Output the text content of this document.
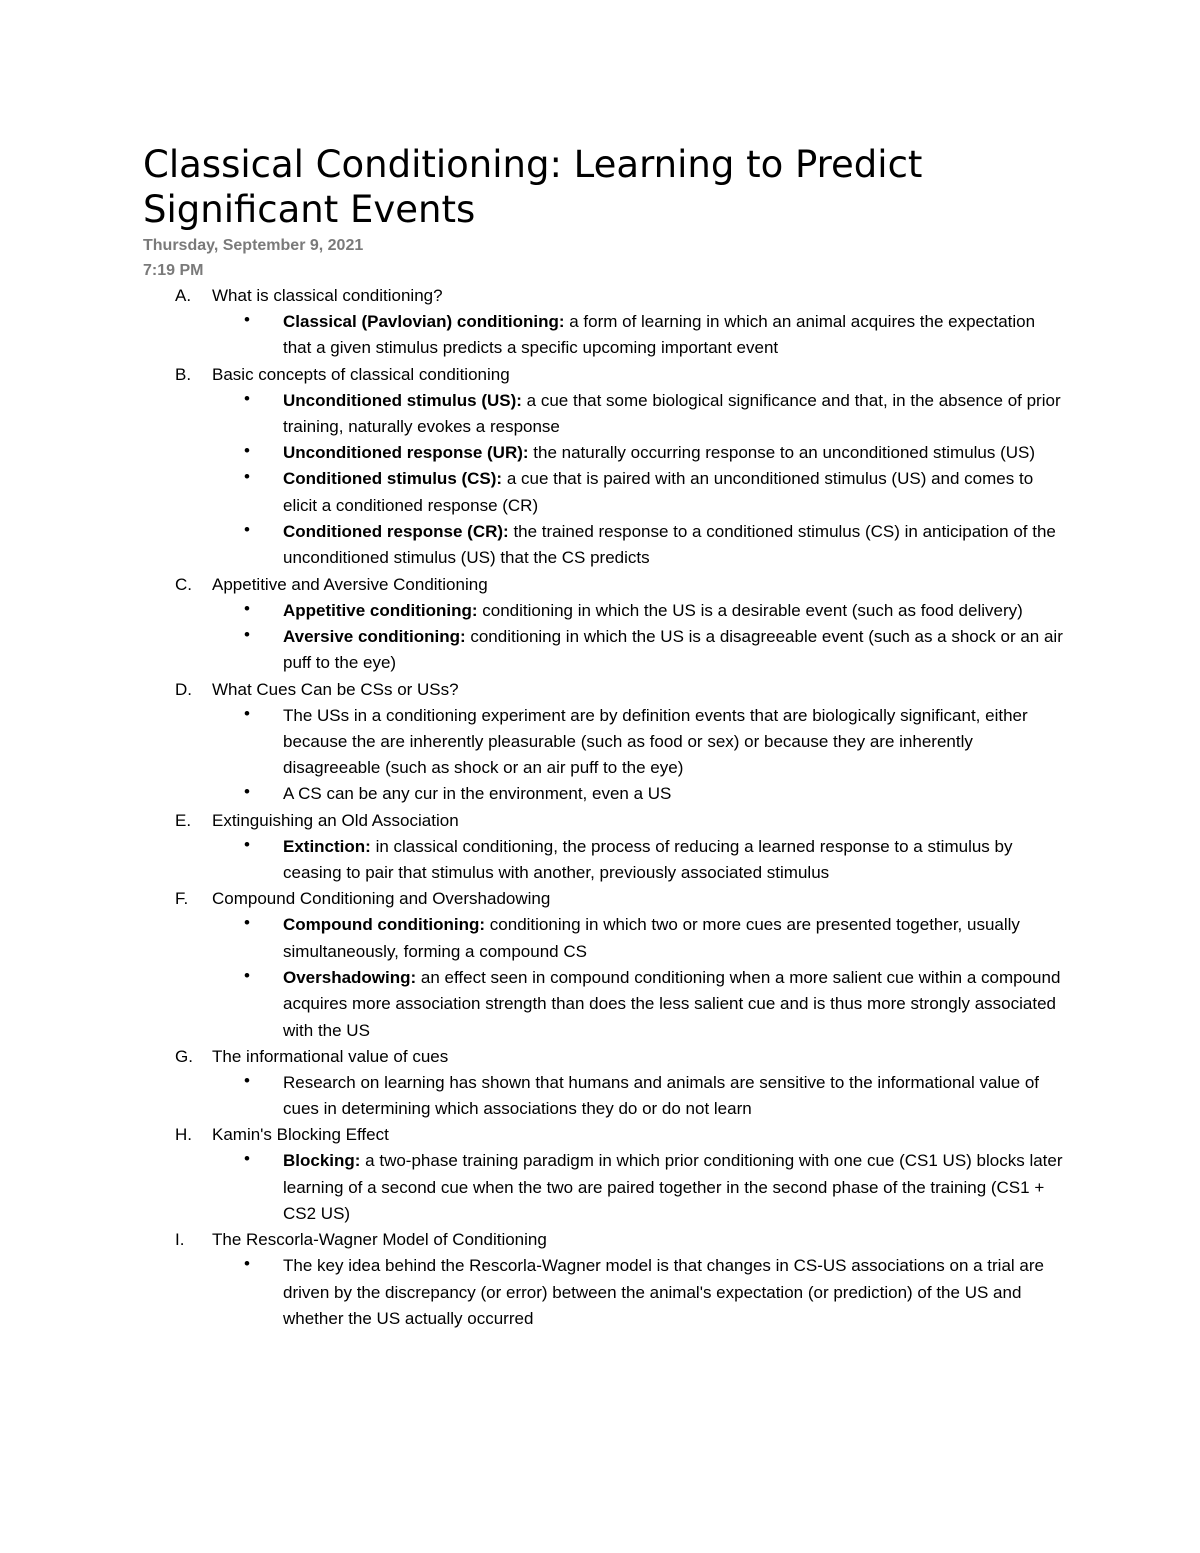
Classical Conditioning: Learning to Predict Significant Events
Thursday, September 9, 2021
7:19 PM
A. What is classical conditioning?
• Classical (Pavlovian) conditioning: a form of learning in which an animal acquires the expectation that a given stimulus predicts a specific upcoming important event
B. Basic concepts of classical conditioning
• Unconditioned stimulus (US): a cue that some biological significance and that, in the absence of prior training, naturally evokes a response
• Unconditioned response (UR): the naturally occurring response to an unconditioned stimulus (US)
• Conditioned stimulus (CS): a cue that is paired with an unconditioned stimulus (US) and comes to elicit a conditioned response (CR)
• Conditioned response (CR): the trained response to a conditioned stimulus (CS) in anticipation of the unconditioned stimulus (US) that the CS predicts
C. Appetitive and Aversive Conditioning
• Appetitive conditioning: conditioning in which the US is a desirable event (such as food delivery)
• Aversive conditioning: conditioning in which the US is a disagreeable event (such as a shock or an air puff to the eye)
D. What Cues Can be CSs or USs?
• The USs in a conditioning experiment are by definition events that are biologically significant, either because the are inherently pleasurable (such as food or sex) or because they are inherently disagreeable (such as shock or an air puff to the eye)
• A CS can be any cur in the environment, even a US
E. Extinguishing an Old Association
• Extinction: in classical conditioning, the process of reducing a learned response to a stimulus by ceasing to pair that stimulus with another, previously associated stimulus
F. Compound Conditioning and Overshadowing
• Compound conditioning: conditioning in which two or more cues are presented together, usually simultaneously, forming a compound CS
• Overshadowing: an effect seen in compound conditioning when a more salient cue within a compound acquires more association strength than does the less salient cue and is thus more strongly associated with the US
G. The informational value of cues
• Research on learning has shown that humans and animals are sensitive to the informational value of cues in determining which associations they do or do not learn
H. Kamin's Blocking Effect
• Blocking: a two-phase training paradigm in which prior conditioning with one cue (CS1 US) blocks later learning of a second cue when the two are paired together in the second phase of the training (CS1 + CS2 US)
I. The Rescorla-Wagner Model of Conditioning
• The key idea behind the Rescorla-Wagner model is that changes in CS-US associations on a trial are driven by the discrepancy (or error) between the animal's expectation (or prediction) of the US and whether the US actually occurred
